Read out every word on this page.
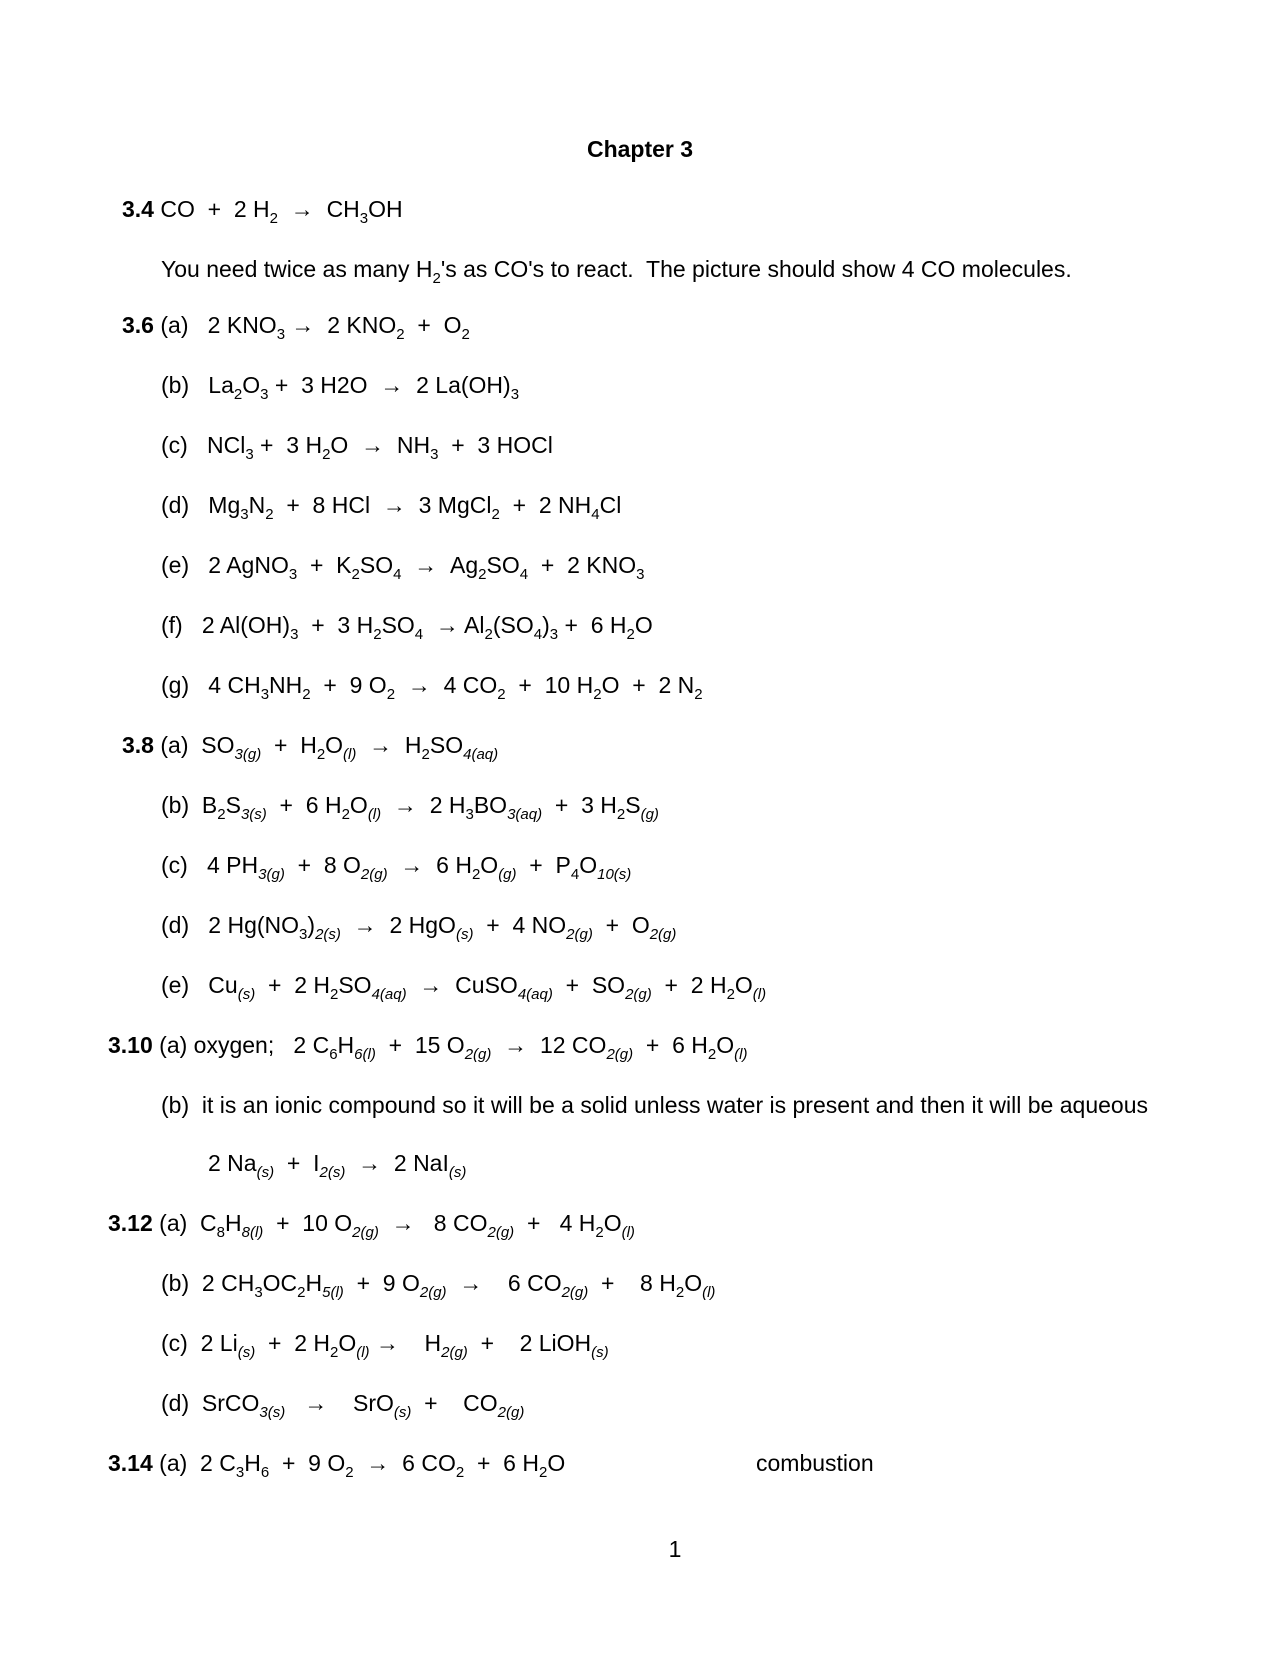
Chapter 3
3.4 CO  +  2 $H_2 \to CH_3OH$
You need twice as many $H_2's$ as CO's to react.  The picture should show 4 CO molecules.
3.6 (a)   2 $KNO_3 \to 2$ $KNO_2 + O_2$
(b)   $La_2O_3 + 3$ H2O  →  2 $La(OH)_3$
(c)   NCl$_3$ +  3 $H_2O \to NH_3 + 3$ HOCl
(d)   $Mg_3N_2 + 8$ HCl  →  3 MgCl$_2$  +  2 $NH_4Cl$
(e)   2 AgNO$_3$  +  $K_2SO_4 \to Ag_2SO_4 + 2$ $KNO_3$
(f)   2 $Al(OH)_3 + 3$ $H_2SO_4 \to Al_2(SO_4)_3 + 6$ $H_2O$
(g)   4 $CH_3NH_2 + 9$ $O_2 \to 4$ $CO_2 + 10$ $H_2O + 2$ $N_2$
3.8 (a)  $SO_{3(g)} + H_2O_{(l)} \to H_2SO_{4(aq)}$
(b)  $B_2S_{3(s)} + 6$ $H_2O_{(l)} \to 2$ $H_3BO_{3(aq)} + 3$ $H_2S_{(g)}$
(c)   4 $PH_{3(g)} + 8$ $O_{2(g)} \to 6$ $H_2O_{(g)} + P_4O_{10(s)}$
(d)   2 $Hg(NO_3)_{2(s)} \to 2$ HgO$_{(s)}$  +  4 $NO_{2(g)} + O_{2(g)}$
(e)   $Cu_{(s)} + 2$ $H_2SO_{4(aq)}$  →  CuSO$_{4(aq)}$  +  $SO_{2(g)} + 2$ $H_2O_{(l)}$
3.10 (a) oxygen;   2 $C_6H_{6(l)} + 15$ $O_{2(g)} \to 12$ $CO_{2(g)} + 6$ $H_2O_{(l)}$
(b) it is an ionic compound so it will be a solid unless water is present and then it will be aqueous
2 $Na_{(s)} + I_{2(s)} \to 2$ NaI$_{(s)}$
3.12 (a)  $C_8H_{8(l)} + 10$ $O_{2(g)} \to 8$ $CO_{2(g)} + 4$ $H_2O_{(l)}$
(b)  2 $CH_3OC_2H_{5(l)} + 9$ $O_{2(g)}$  →    6 $CO_{2(g)}$  +    8 $H_2O_{(l)}$
(c)  2 $Li_{(s)} + 2$ $H_2O_{(l)}$ →    $H_{2(g)}$  +    2 LiOH$_{(s)}$
(d)  SrCO$_{3(s)}$   →    SrO$_{(s)}$  +    $CO_{2(g)}$
3.14 (a)  2 $C_3H_6 + 9$ $O_2 \to 6$ $CO_2 + 6$ $H_2O$	combustion
1
